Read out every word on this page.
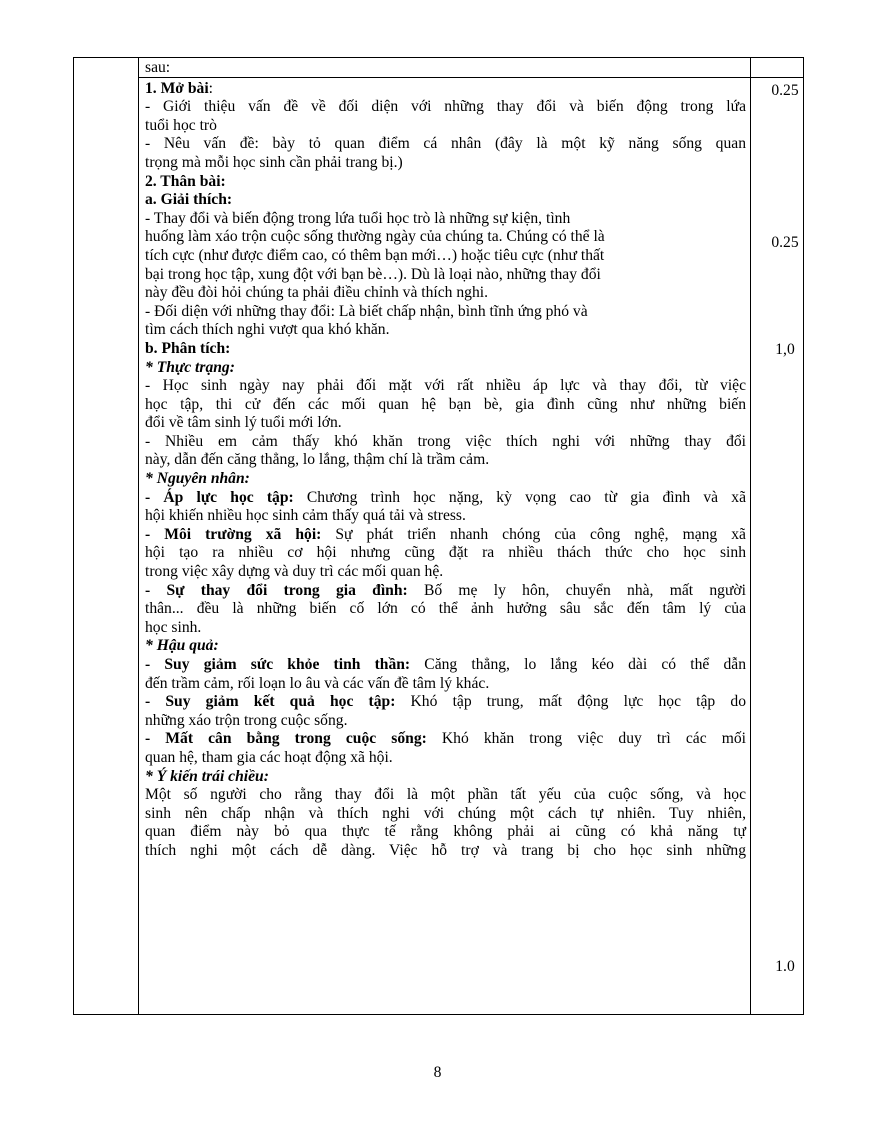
sau:

1. Mở bài:

- Giới thiệu vấn đề về đối diện với những thay đổi và biến động trong lứa

tuổi học trò

- Nêu vấn đề: bày tỏ quan điểm cá nhân (đây là một kỹ năng sống quan

trọng mà mỗi học sinh cần phải trang bị.)

2. Thân bài:

a. Giải thích:

- Thay đổi và biến động trong lứa tuổi học trò là những sự kiện, tình

huống làm xáo trộn cuộc sống thường ngày của chúng ta. Chúng có thể là

tích cực (như được điểm cao, có thêm bạn mới…) hoặc tiêu cực (như thất

bại trong học tập, xung đột với bạn bè…). Dù là loại nào, những thay đổi

này đều đòi hỏi chúng ta phải điều chỉnh và thích nghi.

- Đối diện với những thay đổi: Là biết chấp nhận, bình tĩnh ứng phó và

tìm cách thích nghi vượt qua khó khăn.

b. Phân tích:

* Thực trạng:

- Học sinh ngày nay phải đối mặt với rất nhiều áp lực và thay đổi, từ việc

học tập, thi cử đến các mối quan hệ bạn bè, gia đình cũng như những biến

đổi về tâm sinh lý tuổi mới lớn.

- Nhiều em cảm thấy khó khăn trong việc thích nghi với những thay đổi

này, dẫn đến căng thẳng, lo lắng, thậm chí là trầm cảm.

* Nguyên nhân:

- Áp lực học tập: Chương trình học nặng, kỳ vọng cao từ gia đình và xã

hội khiến nhiều học sinh cảm thấy quá tải và stress.

- Môi trường xã hội: Sự phát triển nhanh chóng của công nghệ, mạng xã

hội tạo ra nhiều cơ hội nhưng cũng đặt ra nhiều thách thức cho học sinh

trong việc xây dựng và duy trì các mối quan hệ.

- Sự thay đổi trong gia đình: Bố mẹ ly hôn, chuyển nhà, mất người

thân... đều là những biến cố lớn có thể ảnh hưởng sâu sắc đến tâm lý của

học sinh.

* Hậu quả:

- Suy giảm sức khỏe tinh thần: Căng thẳng, lo lắng kéo dài có thể dẫn

đến trầm cảm, rối loạn lo âu và các vấn đề tâm lý khác.

- Suy giảm kết quả học tập: Khó tập trung, mất động lực học tập do

những xáo trộn trong cuộc sống.

- Mất cân bằng trong cuộc sống: Khó khăn trong việc duy trì các mối

quan hệ, tham gia các hoạt động xã hội.

* Ý kiến trái chiều:

Một số người cho rằng thay đổi là một phần tất yếu của cuộc sống, và học

sinh nên chấp nhận và thích nghi với chúng một cách tự nhiên. Tuy nhiên,

quan điểm này bỏ qua thực tế rằng không phải ai cũng có khả năng tự

thích nghi một cách dễ dàng. Việc hỗ trợ và trang bị cho học sinh những

0.25
0.25
1,0
1.0
8
